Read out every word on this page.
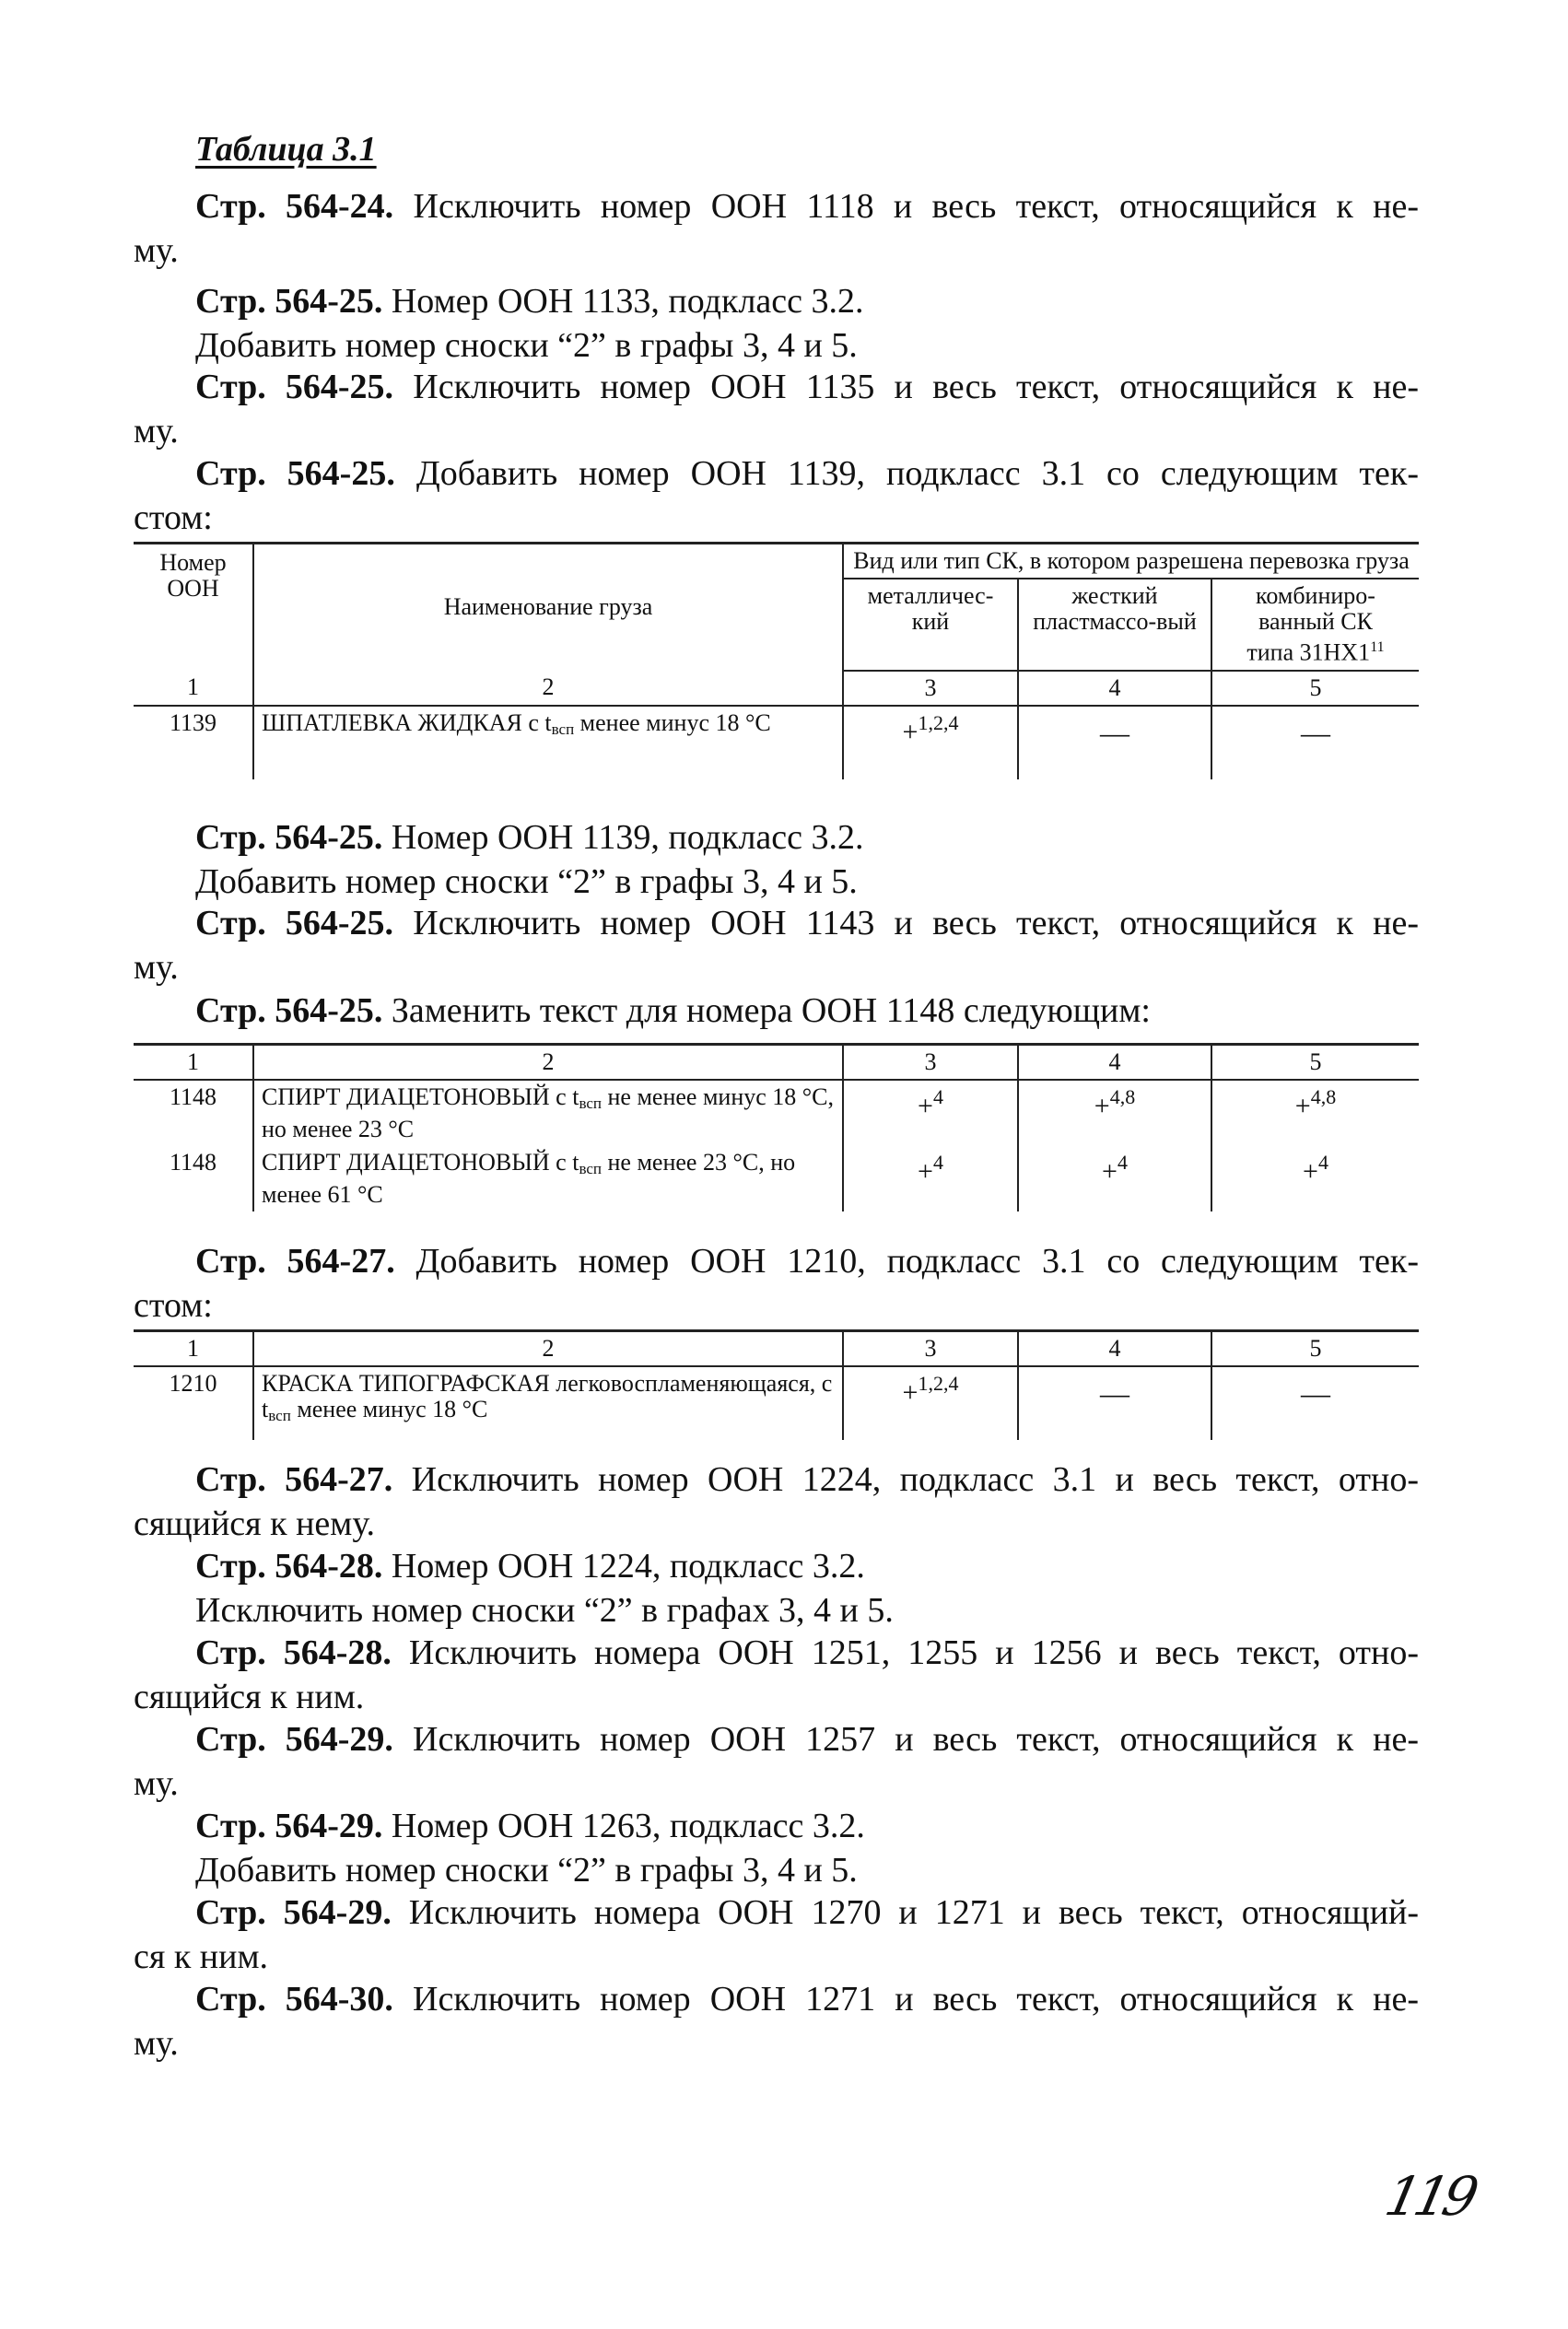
Таблица 3.1
Стр. 564-24. Исключить номер ООН 1118 и весь текст, относящийся к не-
му.
Стр. 564-25. Номер ООН 1133, подкласс 3.2.
Добавить номер сноски “2” в графы 3, 4 и 5.
Стр. 564-25. Исключить номер ООН 1135 и весь текст, относящийся к не-
му.
Стр. 564-25. Добавить номер ООН 1139, подкласс 3.1 со следующим тек-
стом:
Номер ООН	Наименование груза	Вид или тип СК, в котором разрешена перевозка груза		
		металличес-кий	жесткий пластмассо-вый	комбиниро-ванный СК
типа $31НХ1^{11}$
1	2	3	4	5
1139	ШПАТЛЕВКА ЖИДКАЯ с $t_{всп}$ менее минус 18 °С	+$^{1,2,4}$	—	—
Стр. 564-25. Номер ООН 1139, подкласс 3.2.
Добавить номер сноски “2” в графы 3, 4 и 5.
Стр. 564-25. Исключить номер ООН 1143 и весь текст, относящийся к не-
му.
Стр. 564-25. Заменить текст для номера ООН 1148 следующим:
1	2	3	4	5
1148	СПИРТ ДИАЦЕТОНОВЫЙ с $t_{всп}$ не менее минус 18 °С, но менее 23 °С	+$^4$	+$^{4,8}$	+$^{4,8}$
1148	СПИРТ ДИАЦЕТОНОВЫЙ с $t_{всп}$ не менее 23 °С, но менее 61 °С	+$^4$	+$^4$	+$^4$
Стр. 564-27. Добавить номер ООН 1210, подкласс 3.1 со следующим тек-
стом:
1	2	3	4	5
1210	КРАСКА ТИПОГРАФСКАЯ легковоспламеняющаяся, с $t_{всп}$ менее минус 18 °С	+$^{1,2,4}$	—	—
Стр. 564-27. Исключить номер ООН 1224, подкласс 3.1 и весь текст, отно-
сящийся к нему.
Стр. 564-28. Номер ООН 1224, подкласс 3.2.
Исключить номер сноски “2” в графах 3, 4 и 5.
Стр. 564-28. Исключить номера ООН 1251, 1255 и 1256 и весь текст, отно-
сящийся к ним.
Стр. 564-29. Исключить номер ООН 1257 и весь текст, относящийся к не-
му.
Стр. 564-29. Номер ООН 1263, подкласс 3.2.
Добавить номер сноски “2” в графы 3, 4 и 5.
Стр. 564-29. Исключить номера ООН 1270 и 1271 и весь текст, относящий-
ся к ним.
Стр. 564-30. Исключить номер ООН 1271 и весь текст, относящийся к не-
му.
119
